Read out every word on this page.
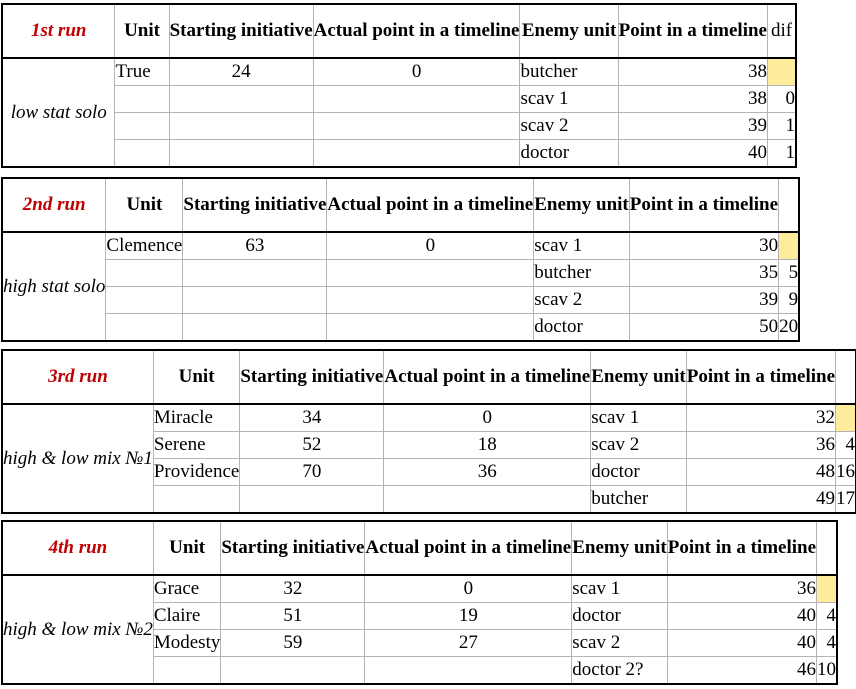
1st run	Unit	Starting initiative	Actual point in a timeline	Enemy unit	Point in a timeline	dif
low stat solo	True	24	0	butcher	38	
				scav 1	38	0
				scav 2	39	1
				doctor	40	1
2nd run	Unit	Starting initiative	Actual point in a timeline	Enemy unit	Point in a timeline	
high stat solo	Clemence	63	0	scav 1	30	
				butcher	35	5
				scav 2	39	9
				doctor	50	20
3rd run	Unit	Starting initiative	Actual point in a timeline	Enemy unit	Point in a timeline	
high & low mix №1	Miracle	34	0	scav 1	32	
	Serene	52	18	scav 2	36	4
	Providence	70	36	doctor	48	16
				butcher	49	17
4th run	Unit	Starting initiative	Actual point in a timeline	Enemy unit	Point in a timeline	
high & low mix №2	Grace	32	0	scav 1	36	
	Claire	51	19	doctor	40	4
	Modesty	59	27	scav 2	40	4
				doctor 2?	46	10
